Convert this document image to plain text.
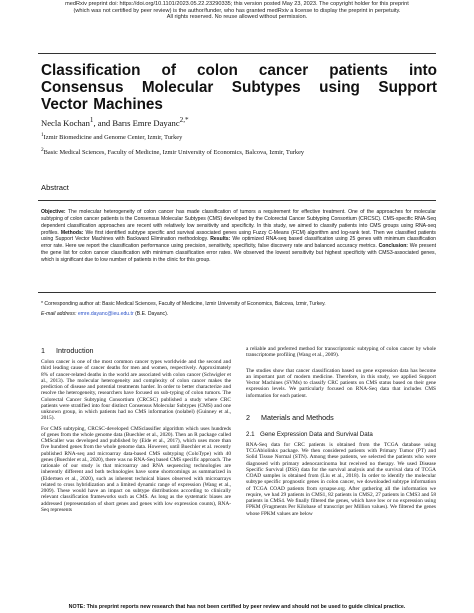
medRxiv preprint doi: https://doi.org/10.1101/2023.05.22.23290335; this version posted May 23, 2023. The copyright holder for this preprint
(which was not certified by peer review) is the author/funder, who has granted medRxiv a license to display the preprint in perpetuity.
All rights reserved. No reuse allowed without permission.
Classification of colon cancer patients into Consensus Molecular Subtypes using Support Vector Machines
Necla Kochan$^1$, and Barıs Emre Dayanc$^{2,*}$
$^1$Izmir Biomedicine and Genome Center, Izmir, Turkey
$^2$Basic Medical Sciences, Faculty of Medicine, Izmir University of Economics, Balcova, Izmir, Turkey
Abstract
Objective: The molecular heterogeneity of colon cancer has made classification of tumors a requirement for effective treatment. One of the approaches for molecular subtyping of colon cancer patients is the Consensus Molecular Subtypes (CMS) developed by the Colorectal Cancer Subtyping Consortium (CRCSC). CMS-specific RNA-Seq dependent classification approaches are recent with relatively low sensitivity and specificity. In this study, we aimed to classify patients into CMS groups using RNA-seq profiles. Methods: We first identified subtype specific and survival associated genes using Fuzzy C-Means (FCM) algorithm and log-rank test. Then we classified patients using Support Vector Machines with Backward Elimination methodology. Results: We optimized RNA-seq based classification using 25 genes with minimum classification error rate. Here we report the classification performance using precision, sensitivity, specificity, false discovery rate and balanced accuracy metrics. Conclusion: We present the gene list for colon cancer classification with minimum classification error rates. We observed the lowest sensitivity but highest specificity with CMS3-associated genes, which is significant due to low number of patients in the clinic for this group.
* Corresponding author at: Basic Medical Sciences, Faculty of Medicine, Izmir University of Economics, Balcova, Izmir, Turkey.
E-mail address: emre.dayanc@ieu.edu.tr (B.E. Dayanc).
1 Introduction
Colon cancer is one of the most common cancer types worldwide and the second and third leading cause of cancer deaths for men and women, respectively. Approximately 8% of cancer-related deaths in the world are associated with colon cancer (Schwigler et al., 2013). The molecular heterogeneity and complexity of colon cancer makes the prediction of disease and potential treatments harder. In order to better characterize and resolve the heterogeneity, researchers have focused on sub-typing of colon tumors. The Colorectal Cancer Subtyping Consortium (CRCSC) published a study where CRC patients were stratified into four distinct Consensus Molecular Subtypes (CMS) and one unknown group, in which patients had no CMS information (nolabel) (Guinney et al., 2015).
For CMS subtyping, CRCSC-developed CMSclassifier algorithm which uses hundreds of genes from the whole genome data (Buechler et al., 2020). Then an R package called CMScaller was developed and published by (Eide et al., 2017), which uses more than five hundred genes from the whole genome data. However, until Buechler et al. recently published RNA-seq and microarray data-based CMS subtyping (ColoType) with 40 genes (Buechler et al., 2020), there was no RNA-Seq based CMS specific approach. The rationale of our study is that microarray and RNA sequencing technologies are inherently different and both technologies have some shortcomings as summarized in (Eldertsen et al., 2020), such as inherent technical biases observed with microarrays related to cross hybridization and a limited dynamic range of expression (Wang et al., 2009). These would have an impact on subtype distributions according to clinically relevant classification frameworks such as CMS. As long as the systematic biases are addressed (representation of short genes and genes with low expression counts), RNA-Seq represents
a reliable and preferred method for transcriptomic subtyping of colon cancer by whole transcriptome profiling (Wang et al., 2009).
The studies show that cancer classification based on gene expression data has become an important part of modern medicine. Therefore, in this study, we applied Support Vector Machines (SVMs) to classify CRC patients on CMS status based on their gene expression levels. We particularly focused on RNA-Seq data that includes CMS information for each patient.
2 Materials and Methods
2.1 Gene Expression Data and Survival Data
RNA-Seq data for CRC patients is obtained from the TCGA database using TCGAbiolinks package. We then considered patients with Primary Tumor (PT) and Solid Tissue Normal (STN). Among these patients, we selected the patients who were diagnosed with primary adenocarcinoma but received no therapy. We used Disease Specific Survival (DSS) data for the survival analysis and the survival data of TCGA COAD samples is obtained from (Liu et al., 2018). In order to identify the molecular subtype specific prognostic genes in colon cancer, we downloaded subtype information of TCGA COAD patients from synapse.org. After gathering all the information we require, we had 29 patients in CMS1, 82 patients in CMS2, 27 patients in CMS3 and 58 patients in CMS4. We finally filtered the genes, which have low or no expression using FPKM (Fragments Per Kilobase of transcript per Million values). We filtered the genes whose FPKM values are below
NOTE: This preprint reports new research that has not been certified by peer review and should not be used to guide clinical practice.
